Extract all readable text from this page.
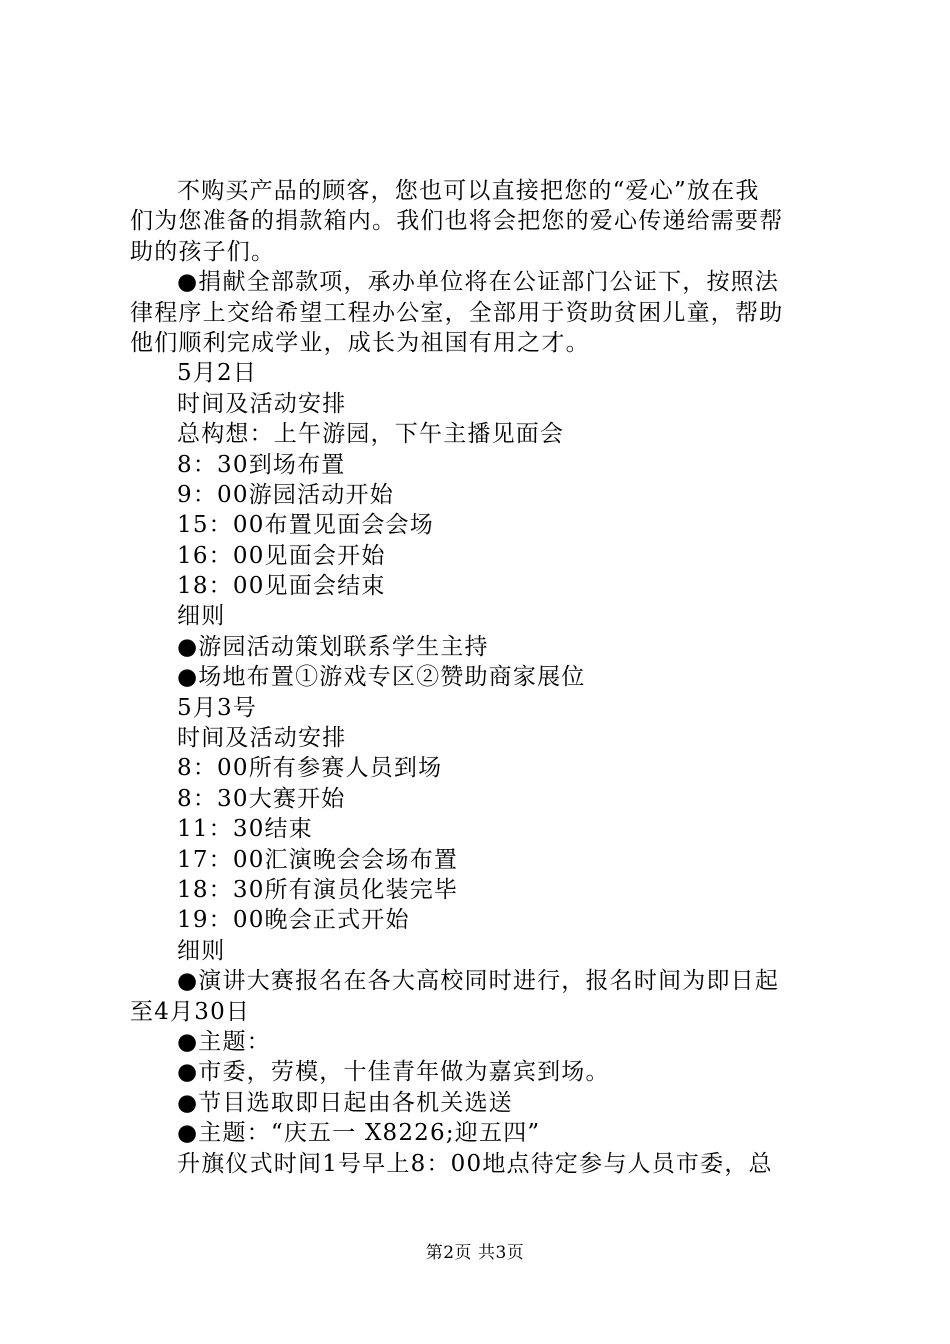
不购买产品的顾客，您也可以直接把您的“爱心”放在我
们为您准备的捐款箱内。我们也将会把您的爱心传递给需要帮
助的孩子们。
●捐献全部款项，承办单位将在公证部门公证下，按照法
律程序上交给希望工程办公室，全部用于资助贫困儿童，帮助
他们顺利完成学业，成长为祖国有用之才。
5月2日
时间及活动安排
总构想：上午游园，下午主播见面会
8：30到场布置
9：00游园活动开始
15：00布置见面会会场
16：00见面会开始
18：00见面会结束
细则
●游园活动策划联系学生主持
●场地布置①游戏专区②赞助商家展位
5月3号
时间及活动安排
8：00所有参赛人员到场
8：30大赛开始
11：30结束
17：00汇演晚会会场布置
18：30所有演员化装完毕
19：00晚会正式开始
细则
●演讲大赛报名在各大高校同时进行，报名时间为即日起
至4月30日
●主题：
●市委，劳模，十佳青年做为嘉宾到场。
●节目选取即日起由各机关选送
●主题：“庆五一 X8226;迎五四”
升旗仪式时间1号早上8：00地点待定参与人员市委，总
第2页 共3页
